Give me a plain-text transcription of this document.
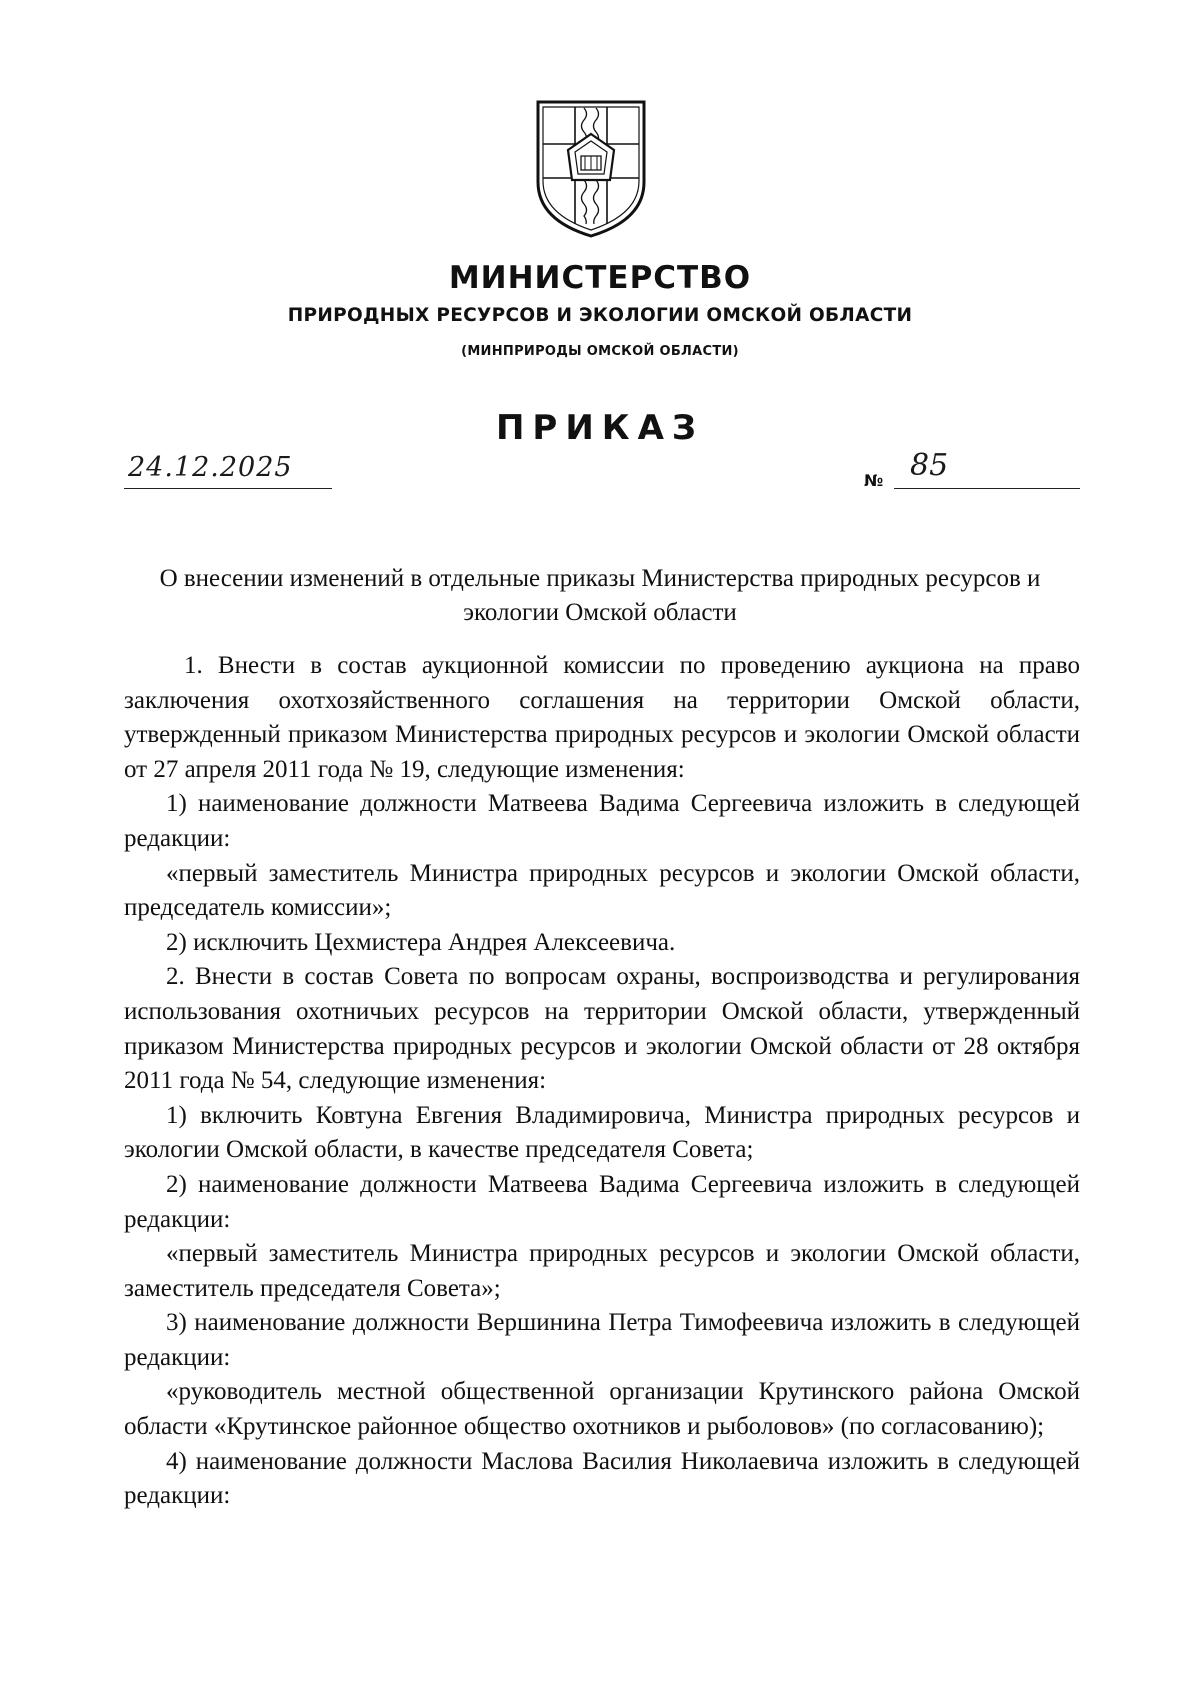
МИНИСТЕРСТВО
ПРИРОДНЫХ РЕСУРСОВ И ЭКОЛОГИИ ОМСКОЙ ОБЛАСТИ
(МИНПРИРОДЫ ОМСКОЙ ОБЛАСТИ)
ПРИКАЗ
24.12.2025	№ 85
О внесении изменений в отдельные приказы Министерства природных ресурсов и экологии Омской области

1. Внести в состав аукционной комиссии по проведению аукциона на право заключения охотхозяйственного соглашения на территории Омской области, утвержденный приказом Министерства природных ресурсов и экологии Омской области от 27 апреля 2011 года № 19, следующие изменения:

1) наименование должности Матвеева Вадима Сергеевича изложить в следующей редакции:

«первый заместитель Министра природных ресурсов и экологии Омской области, председатель комиссии»;

2) исключить Цехмистера Андрея Алексеевича.

2. Внести в состав Совета по вопросам охраны, воспроизводства и регулирования использования охотничьих ресурсов на территории Омской области, утвержденный приказом Министерства природных ресурсов и экологии Омской области от 28 октября 2011 года № 54, следующие изменения:

1) включить Ковтуна Евгения Владимировича, Министра природных ресурсов и экологии Омской области, в качестве председателя Совета;

2) наименование должности Матвеева Вадима Сергеевича изложить в следующей редакции:

«первый заместитель Министра природных ресурсов и экологии Омской области, заместитель председателя Совета»;

3) наименование должности Вершинина Петра Тимофеевича изложить в следующей редакции:

«руководитель местной общественной организации Крутинского района Омской области «Крутинское районное общество охотников и рыболовов» (по согласованию);

4) наименование должности Маслова Василия Николаевича изложить в следующей редакции:
